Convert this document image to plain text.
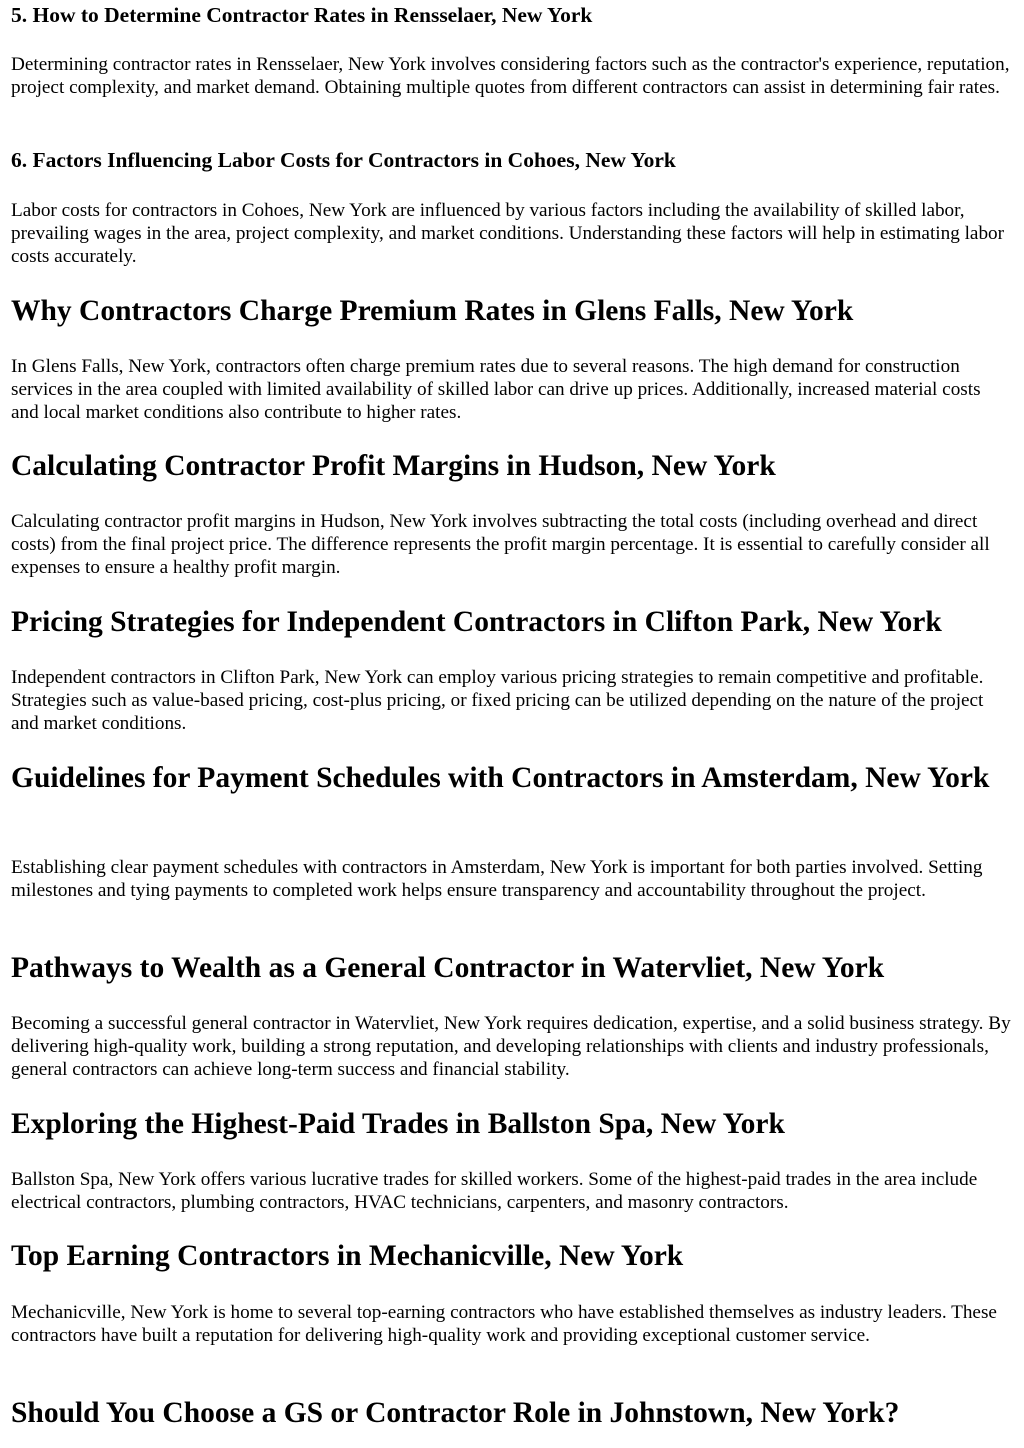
5. How to Determine Contractor Rates in Rensselaer, New York

Determining contractor rates in Rensselaer, New York involves considering factors such as the contractor's experience, reputation, project complexity, and market demand. Obtaining multiple quotes from different contractors can assist in determining fair rates.

6. Factors Influencing Labor Costs for Contractors in Cohoes, New York

Labor costs for contractors in Cohoes, New York are influenced by various factors including the availability of skilled labor, prevailing wages in the area, project complexity, and market conditions. Understanding these factors will help in estimating labor costs accurately.

Why Contractors Charge Premium Rates in Glens Falls, New York

In Glens Falls, New York, contractors often charge premium rates due to several reasons. The high demand for construction services in the area coupled with limited availability of skilled labor can drive up prices. Additionally, increased material costs and local market conditions also contribute to higher rates.

Calculating Contractor Profit Margins in Hudson, New York

Calculating contractor profit margins in Hudson, New York involves subtracting the total costs (including overhead and direct costs) from the final project price. The difference represents the profit margin percentage. It is essential to carefully consider all expenses to ensure a healthy profit margin.

Pricing Strategies for Independent Contractors in Clifton Park, New York

Independent contractors in Clifton Park, New York can employ various pricing strategies to remain competitive and profitable. Strategies such as value-based pricing, cost-plus pricing, or fixed pricing can be utilized depending on the nature of the project and market conditions.

Guidelines for Payment Schedules with Contractors in Amsterdam, New York

Establishing clear payment schedules with contractors in Amsterdam, New York is important for both parties involved. Setting milestones and tying payments to completed work helps ensure transparency and accountability throughout the project.

Pathways to Wealth as a General Contractor in Watervliet, New York

Becoming a successful general contractor in Watervliet, New York requires dedication, expertise, and a solid business strategy. By delivering high-quality work, building a strong reputation, and developing relationships with clients and industry professionals, general contractors can achieve long-term success and financial stability.

Exploring the Highest-Paid Trades in Ballston Spa, New York

Ballston Spa, New York offers various lucrative trades for skilled workers. Some of the highest-paid trades in the area include electrical contractors, plumbing contractors, HVAC technicians, carpenters, and masonry contractors.

Top Earning Contractors in Mechanicville, New York

Mechanicville, New York is home to several top-earning contractors who have established themselves as industry leaders. These contractors have built a reputation for delivering high-quality work and providing exceptional customer service.

Should You Choose a GS or Contractor Role in Johnstown, New York?
